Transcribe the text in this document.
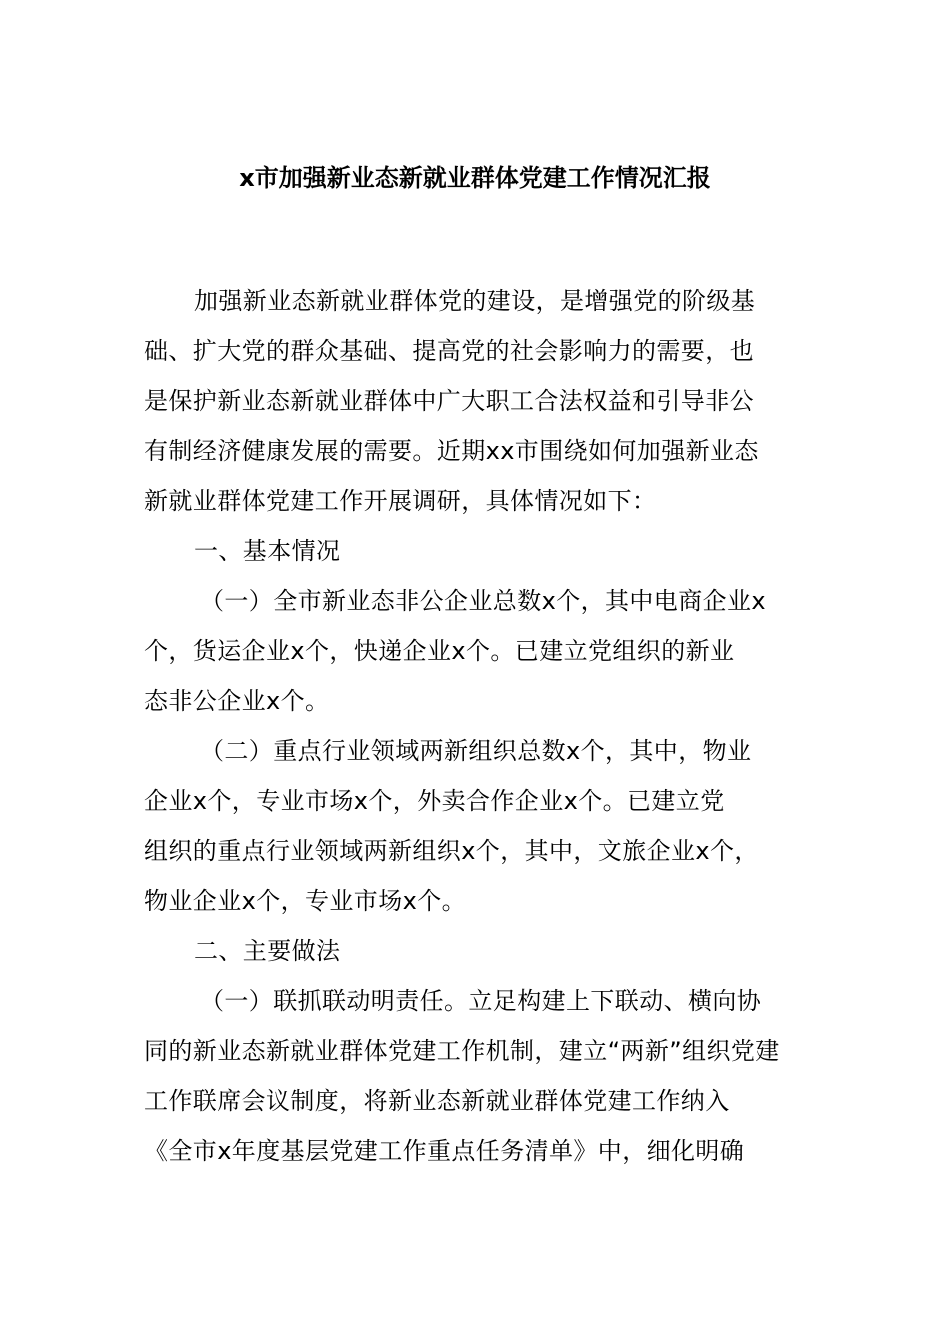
x市加强新业态新就业群体党建工作情况汇报
加强新业态新就业群体党的建设，是增强党的阶级基
础、扩大党的群众基础、提高党的社会影响力的需要，也
是保护新业态新就业群体中广大职工合法权益和引导非公
有制经济健康发展的需要。近期xx市围绕如何加强新业态
新就业群体党建工作开展调研，具体情况如下：
一、基本情况
（一）全市新业态非公企业总数x个，其中电商企业x
个，货运企业x个，快递企业x个。已建立党组织的新业
态非公企业x个。
（二）重点行业领域两新组织总数x个，其中，物业
企业x个，专业市场x个，外卖合作企业x个。已建立党
组织的重点行业领域两新组织x个，其中，文旅企业x个，
物业企业x个，专业市场x个。
二、主要做法
（一）联抓联动明责任。立足构建上下联动、横向协
同的新业态新就业群体党建工作机制，建立“两新”组织党建
工作联席会议制度，将新业态新就业群体党建工作纳入
《全市x年度基层党建工作重点任务清单》中，细化明确
